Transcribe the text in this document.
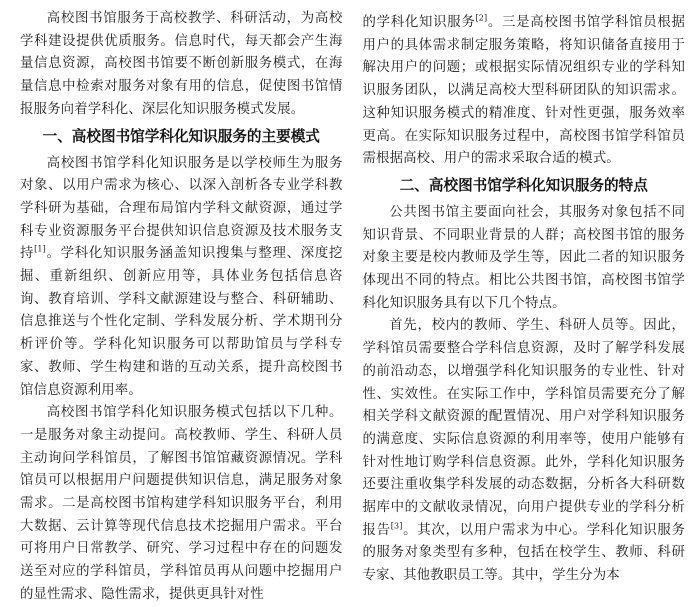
高校图书馆服务于高校教学、科研活动，为高校学科建设提供优质服务。信息时代，每天都会产生海量信息资源，高校图书馆要不断创新服务模式，在海量信息中检索对服务对象有用的信息，促使图书馆情报服务向着学科化、深层化知识服务模式发展。

一、高校图书馆学科化知识服务的主要模式

高校图书馆学科化知识服务是以学校师生为服务对象、以用户需求为核心、以深入剖析各专业学科教学科研为基础，合理布局馆内学科文献资源，通过学科专业资源服务平台提供知识信息资源及技术服务支持[1]。学科化知识服务涵盖知识搜集与整理、深度挖掘、重新组织、创新应用等，具体业务包括信息咨询、教育培训、学科文献源建设与整合、科研辅助、信息推送与个性化定制、学科发展分析、学术期刊分析评价等。学科化知识服务可以帮助馆员与学科专家、教师、学生构建和谐的互动关系，提升高校图书馆信息资源利用率。

高校图书馆学科化知识服务模式包括以下几种。一是服务对象主动提问。高校教师、学生、科研人员主动询问学科馆员，了解图书馆馆藏资源情况。学科馆员可以根据用户问题提供知识信息，满足服务对象需求。二是高校图书馆构建学科知识服务平台，利用大数据、云计算等现代信息技术挖掘用户需求。平台可将用户日常教学、研究、学习过程中存在的问题发送至对应的学科馆员，学科馆员再从问题中挖掘用户的显性需求、隐性需求，提供更具针对性

的学科化知识服务[2]。三是高校图书馆学科馆员根据用户的具体需求制定服务策略，将知识储备直接用于解决用户的问题；或根据实际情况组织专业的学科知识服务团队，以满足高校大型科研团队的知识需求。这种知识服务模式的精准度、针对性更强，服务效率更高。在实际知识服务过程中，高校图书馆学科馆员需根据高校、用户的需求采取合适的模式。

二、高校图书馆学科化知识服务的特点

公共图书馆主要面向社会，其服务对象包括不同知识背景、不同职业背景的人群；高校图书馆的服务对象主要是校内教师及学生等，因此二者的知识服务体现出不同的特点。相比公共图书馆，高校图书馆学科化知识服务具有以下几个特点。

首先，校内的教师、学生、科研人员等。因此，学科馆员需要整合学科信息资源，及时了解学科发展的前沿动态，以增强学科化知识服务的专业性、针对性、实效性。在实际工作中，学科馆员需要充分了解相关学科文献资源的配置情况、用户对学科知识服务的满意度、实际信息资源的利用率等，使用户能够有针对性地订购学科信息资源。此外，学科化知识服务还要注重收集学科发展的动态数据，分析各大科研数据库中的文献收录情况，向用户提供专业的学科分析报告[3]。其次，以用户需求为中心。学科化知识服务的服务对象类型有多种，包括在校学生、教师、科研专家、其他教职员工等。其中，学生分为本
